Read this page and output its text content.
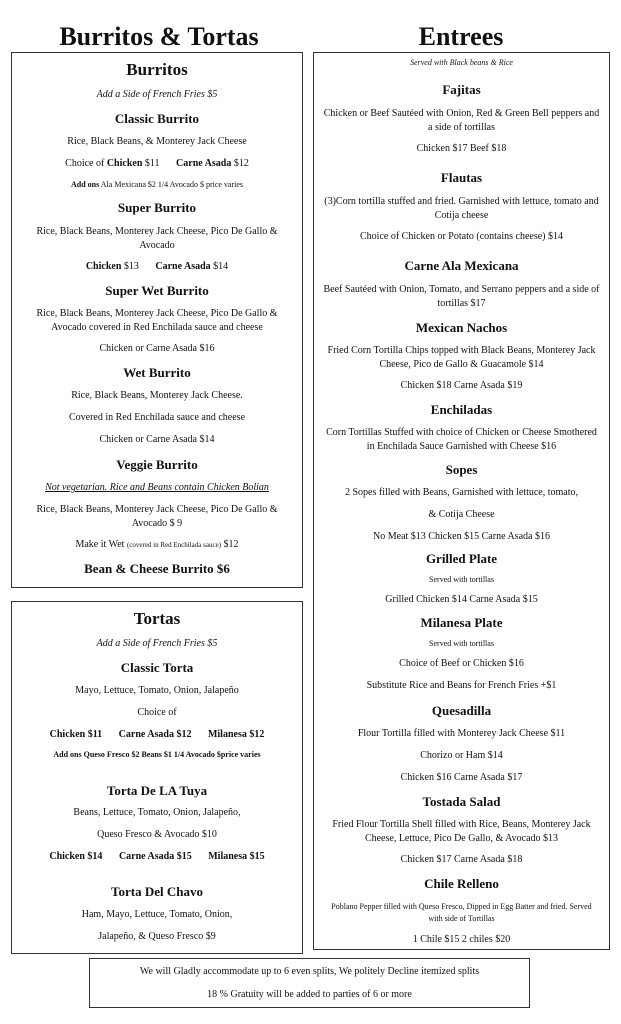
Burritos & Tortas	Entrees
Burritos
Add a Side of French Fries $5
Classic Burrito
Rice, Black Beans, & Monterey Jack Cheese
Choice of Chicken $11 Carne Asada $12
Add ons Ala Mexicana $2 1/4 Avocado $ price varies
Super Burrito
Rice, Black Beans, Monterey Jack Cheese, Pico De Gallo & Avocado
Chicken $13 Carne Asada $14
Super Wet Burrito
Rice, Black Beans, Monterey Jack Cheese, Pico De Gallo & Avocado covered in Red Enchilada sauce and cheese
Chicken or Carne Asada $16
Wet Burrito
Rice, Black Beans, Monterey Jack Cheese.
Covered in Red Enchilada sauce and cheese
Chicken or Carne Asada $14
Veggie Burrito
Not vegetarian. Rice and Beans contain Chicken Bolian
Rice, Black Beans, Monterey Jack Cheese, Pico De Gallo & Avocado $ 9
Make it Wet (covered in Red Enchilada sauce) $12
Bean & Cheese Burrito $6
Tortas
Add a Side of French Fries $5
Classic Torta
Mayo, Lettuce, Tomato, Onion, Jalapeño
Choice of
Chicken $11 Carne Asada $12 Milanesa $12
Add ons Queso Fresco $2 Beans $1 1/4 Avocado $price varies
Torta De LA Tuya
Beans, Lettuce, Tomato, Onion, Jalapeño,
Queso Fresco & Avocado $10
Chicken $14 Carne Asada $15 Milanesa $15
Torta Del Chavo
Ham, Mayo, Lettuce, Tomato, Onion,
Jalapeño, & Queso Fresco $9
Served with Black beans & Rice
Fajitas
Chicken or Beef Sautéed with Onion, Red & Green Bell peppers and a side of tortillas
Chicken $17 Beef $18
Flautas
(3)Corn tortilla stuffed and fried. Garnished with lettuce, tomato and Cotija cheese
Choice of Chicken or Potato (contains cheese) $14
Carne Ala Mexicana
Beef Sautéed with Onion, Tomato, and Serrano peppers and a side of tortillas $17
Mexican Nachos
Fried Corn Tortilla Chips topped with Black Beans, Monterey Jack Cheese, Pico de Gallo & Guacamole $14
Chicken $18 Carne Asada $19
Enchiladas
Corn Tortillas Stuffed with choice of Chicken or Cheese Smothered in Enchilada Sauce Garnished with Cheese $16
Sopes
2 Sopes filled with Beans, Garnished with lettuce, tomato,
& Cotija Cheese
No Meat $13 Chicken $15 Carne Asada $16
Grilled Plate
Served with tortillas
Grilled Chicken $14 Carne Asada $15
Milanesa Plate
Served with tortillas
Choice of Beef or Chicken $16
Substitute Rice and Beans for French Fries +$1
Quesadilla
Flour Tortilla filled with Monterey Jack Cheese $11
Chorizo or Ham $14
Chicken $16 Carne Asada $17
Tostada Salad
Fried Flour Tortilla Shell filled with Rice, Beans, Monterey Jack Cheese, Lettuce, Pico De Gallo, & Avocado $13
Chicken $17 Carne Asada $18
Chile Relleno
Poblano Pepper filled with Queso Fresco, Dipped in Egg Batter and fried. Served with side of Tortillas
1 Chile $15 2 chiles $20
We will Gladly accommodate up to 6 even splits, We politely Decline itemized splits
18 % Gratuity will be added to parties of 6 or more
